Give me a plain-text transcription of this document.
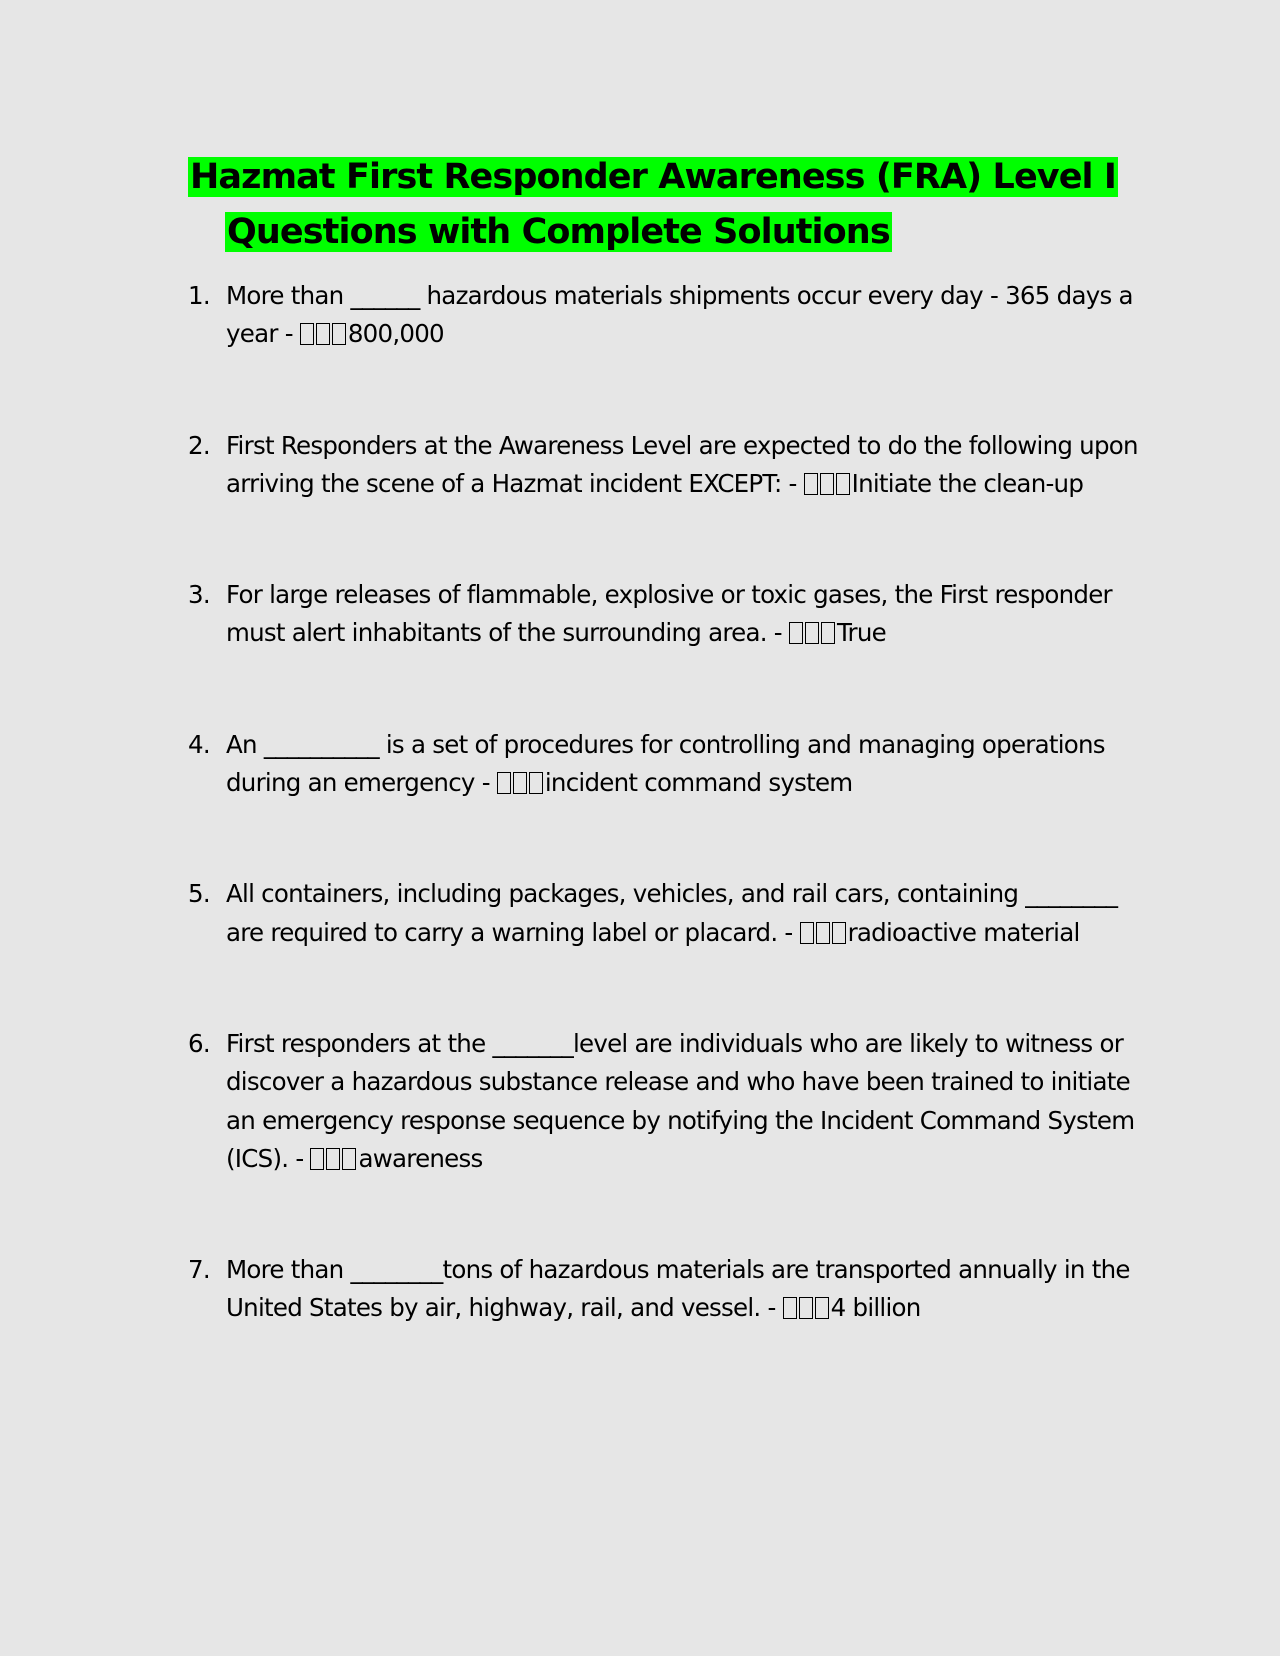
Hazmat First Responder Awareness (FRA) Level I
Questions with Complete Solutions
1. More than ______ hazardous materials shipments occur every day - 365 days a year - 800,000
2. First Responders at the Awareness Level are expected to do the following upon arriving the scene of a Hazmat incident EXCEPT: - Initiate the clean-up
3. For large releases of flammable, explosive or toxic gases, the First responder must alert inhabitants of the surrounding area. - True
4. An __________ is a set of procedures for controlling and managing operations during an emergency - incident command system
5. All containers, including packages, vehicles, and rail cars, containing ________ are required to carry a warning label or placard. - radioactive material
6. First responders at the _______level are individuals who are likely to witness or discover a hazardous substance release and who have been trained to initiate an emergency response sequence by notifying the Incident Command System (ICS). - awareness
7. More than ________tons of hazardous materials are transported annually in the United States by air, highway, rail, and vessel. - 4 billion
